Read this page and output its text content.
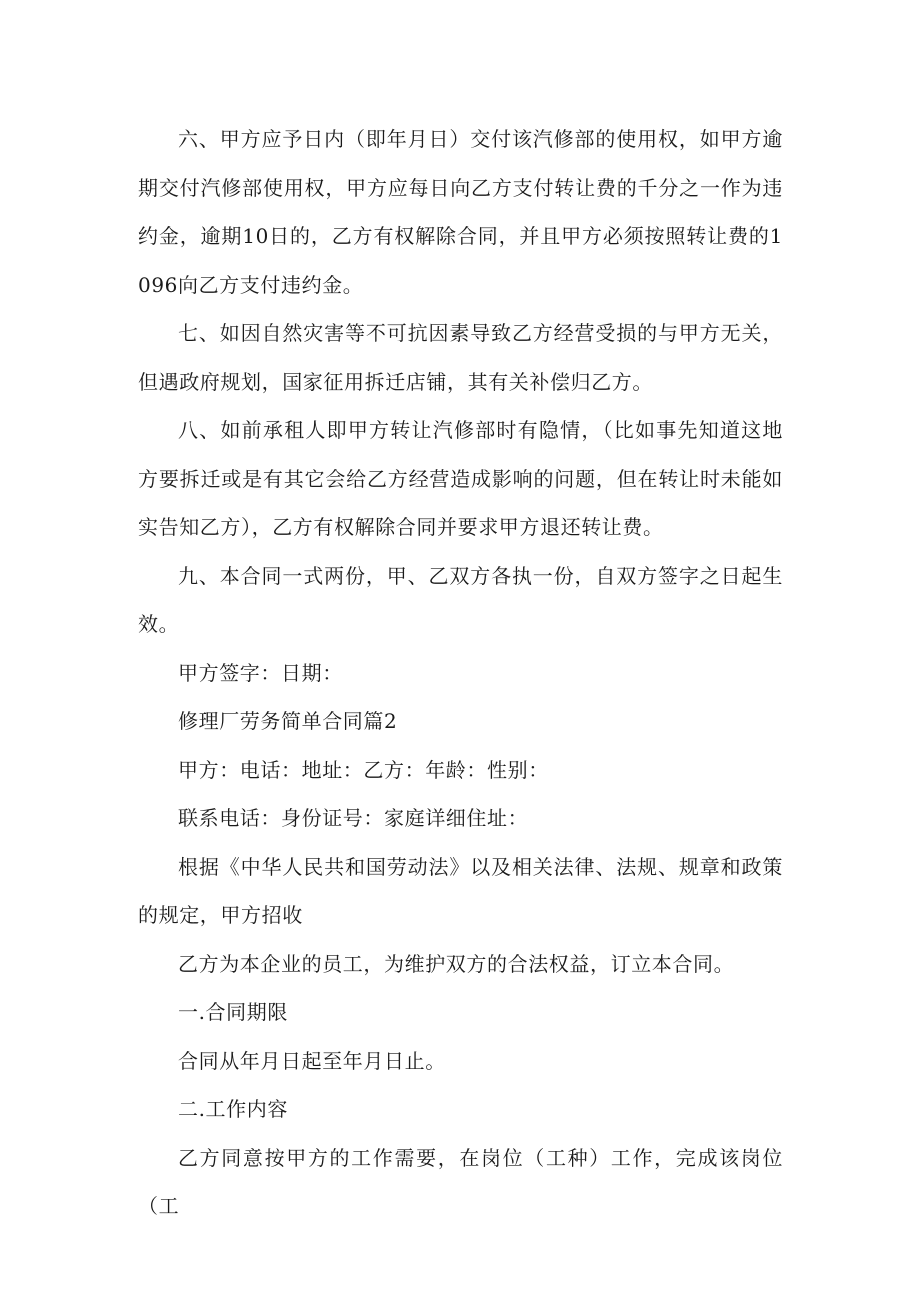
六、甲方应予日内（即年月日）交付该汽修部的使用权，如甲方逾期交付汽修部使用权，甲方应每日向乙方支付转让费的千分之一作为违约金，逾期10日的，乙方有权解除合同，并且甲方必须按照转让费的1096向乙方支付违约金。

七、如因自然灾害等不可抗因素导致乙方经营受损的与甲方无关，但遇政府规划，国家征用拆迁店铺，其有关补偿归乙方。

八、如前承租人即甲方转让汽修部时有隐情，（比如事先知道这地方要拆迁或是有其它会给乙方经营造成影响的问题，但在转让时未能如实告知乙方），乙方有权解除合同并要求甲方退还转让费。

九、本合同一式两份，甲、乙双方各执一份，自双方签字之日起生效。

甲方签字：日期：

修理厂劳务简单合同篇2

甲方：电话：地址：乙方：年龄：性别：

联系电话：身份证号：家庭详细住址：

根据《中华人民共和国劳动法》以及相关法律、法规、规章和政策的规定，甲方招收

乙方为本企业的员工，为维护双方的合法权益，订立本合同。

一.合同期限

合同从年月日起至年月日止。

二.工作内容

乙方同意按甲方的工作需要，在岗位（工种）工作，完成该岗位（工
